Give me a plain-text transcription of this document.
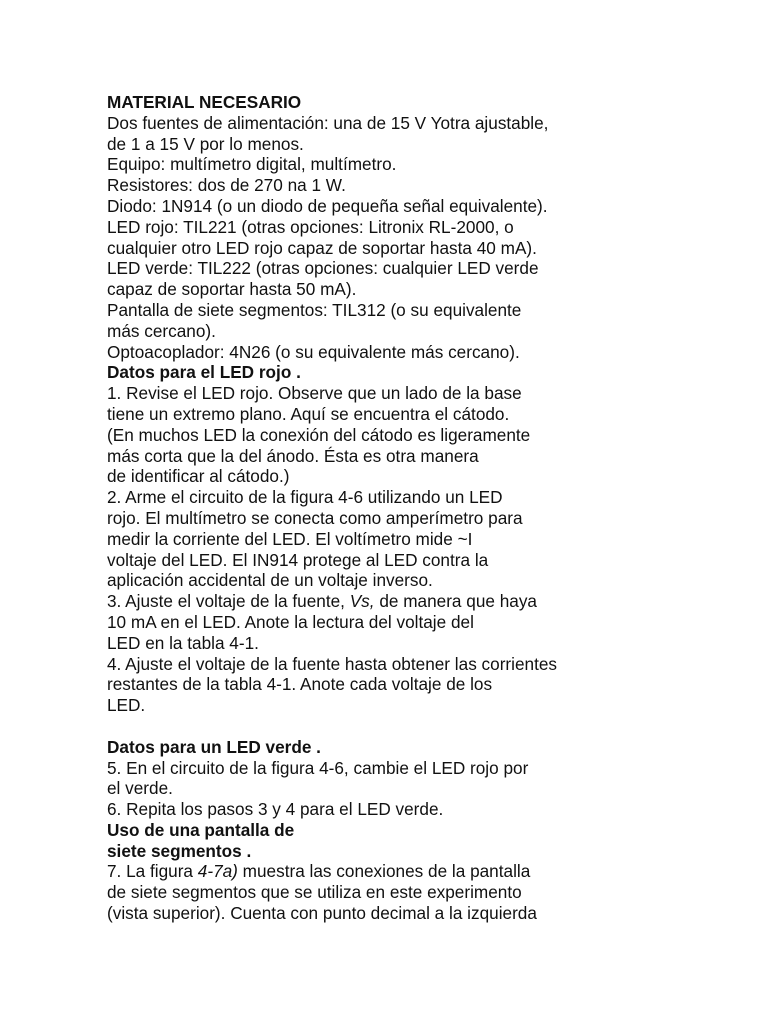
MATERIAL NECESARIO
Dos fuentes de alimentación: una de 15 V Yotra ajustable,
de 1 a 15 V por lo menos.
Equipo: multímetro digital, multímetro.
Resistores: dos de 270 na 1 W.
Diodo: 1N914 (o un diodo de pequeña señal equivalente).
LED rojo: TIL221 (otras opciones: Litronix RL-2000, o
cualquier otro LED rojo capaz de soportar hasta 40 mA).
LED verde: TIL222 (otras opciones: cualquier LED verde
capaz de soportar hasta 50 mA).
Pantalla de siete segmentos: TIL312 (o su equivalente
más cercano).
Optoacoplador: 4N26 (o su equivalente más cercano).
Datos para el LED rojo .
1. Revise el LED rojo. Observe que un lado de la base
tiene un extremo plano. Aquí se encuentra el cátodo.
(En muchos LED la conexión del cátodo es ligeramente
más corta que la del ánodo. Ésta es otra manera
de identificar al cátodo.)
2. Arme el circuito de la figura 4-6 utilizando un LED
rojo. El multímetro se conecta como amperímetro para
medir la corriente del LED. El voltímetro mide ~I
voltaje del LED. El IN914 protege al LED contra la
aplicación accidental de un voltaje inverso.
3. Ajuste el voltaje de la fuente, Vs, de manera que haya
10 mA en el LED. Anote la lectura del voltaje del
LED en la tabla 4-1.
4. Ajuste el voltaje de la fuente hasta obtener las corrientes
restantes de la tabla 4-1. Anote cada voltaje de los
LED.
Datos para un LED verde .
5. En el circuito de la figura 4-6, cambie el LED rojo por
el verde.
6. Repita los pasos 3 y 4 para el LED verde.
Uso de una pantalla de
siete segmentos .
7. La figura 4-7a) muestra las conexiones de la pantalla
de siete segmentos que se utiliza en este experimento
(vista superior). Cuenta con punto decimal a la izquierda
